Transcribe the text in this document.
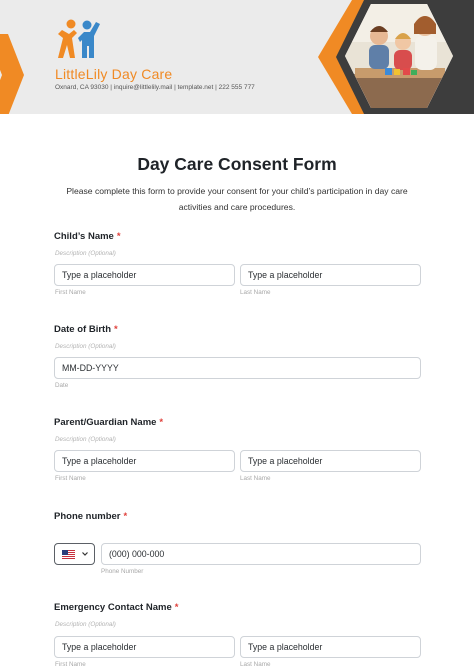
LittleLily Day Care
Oxnard, CA 93030 | inquire@littlelily.mail | template.net | 222 555 777
Day Care Consent Form
Please complete this form to provide your consent for your child’s participation in day care activities and care procedures.
Child’s Name *
Description (Optional)
Type a placeholder	Type a placeholder
First Name	Last Name
Date of Birth *
Description (Optional)
MM-DD-YYYY
Date
Parent/Guardian Name *
Description (Optional)
Type a placeholder	Type a placeholder
First Name	Last Name
Phone number *
(000) 000-000
Phone Number
Emergency Contact Name *
Description (Optional)
Type a placeholder	Type a placeholder
First Name	Last Name
